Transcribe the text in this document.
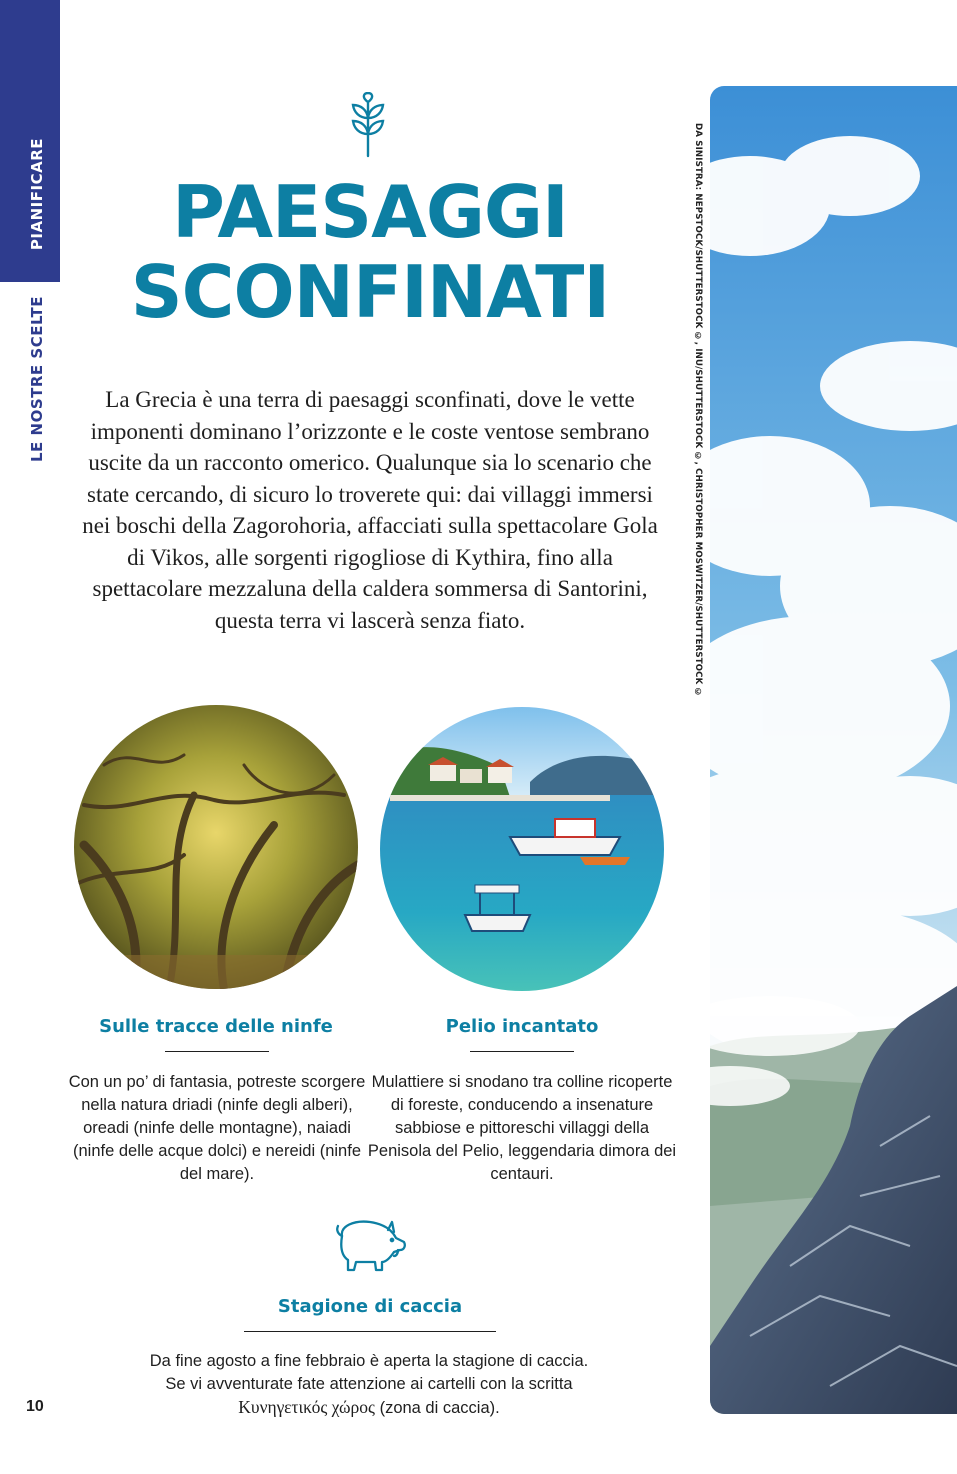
PIANIFICARE
LE NOSTRE SCELTE
PAESAGGI
SCONFINATI
La Grecia è una terra di paesaggi sconfinati, dove le vette imponenti dominano l’orizzonte e le coste ventose sembrano uscite da un racconto omerico. Qualunque sia lo scenario che state cercando, di sicuro lo troverete qui: dai villaggi immersi nei boschi della Zagorohoria, affacciati sulla spettacolare Gola di Vikos, alle sorgenti rigogliose di Kythira, fino alla spettacolare mezzaluna della caldera sommersa di Santorini, questa terra vi lascerà senza fiato.
Sulle tracce delle ninfe
Con un po’ di fantasia, potreste scorgere nella natura driadi (ninfe degli alberi), oreadi (ninfe delle montagne), naiadi (ninfe delle acque dolci) e nereidi (ninfe del mare).
Pelio incantato
Mulattiere si snodano tra colline ricoperte di foreste, conducendo a insenature sabbiose e pittoreschi villaggi della Penisola del Pelio, leggendaria dimora dei centauri.
Stagione di caccia
Da fine agosto a fine febbraio è aperta la stagione di caccia. Se vi avventurate fate attenzione ai cartelli con la scritta Κυνηγετικός χώρος (zona di caccia).
10
DA SINISTRA: NEPSTOCK/SHUTTERSTOCK ©, INU/SHUTTERSTOCK ©, CHRISTOPHER MOSWITZER/SHUTTERSTOCK ©
